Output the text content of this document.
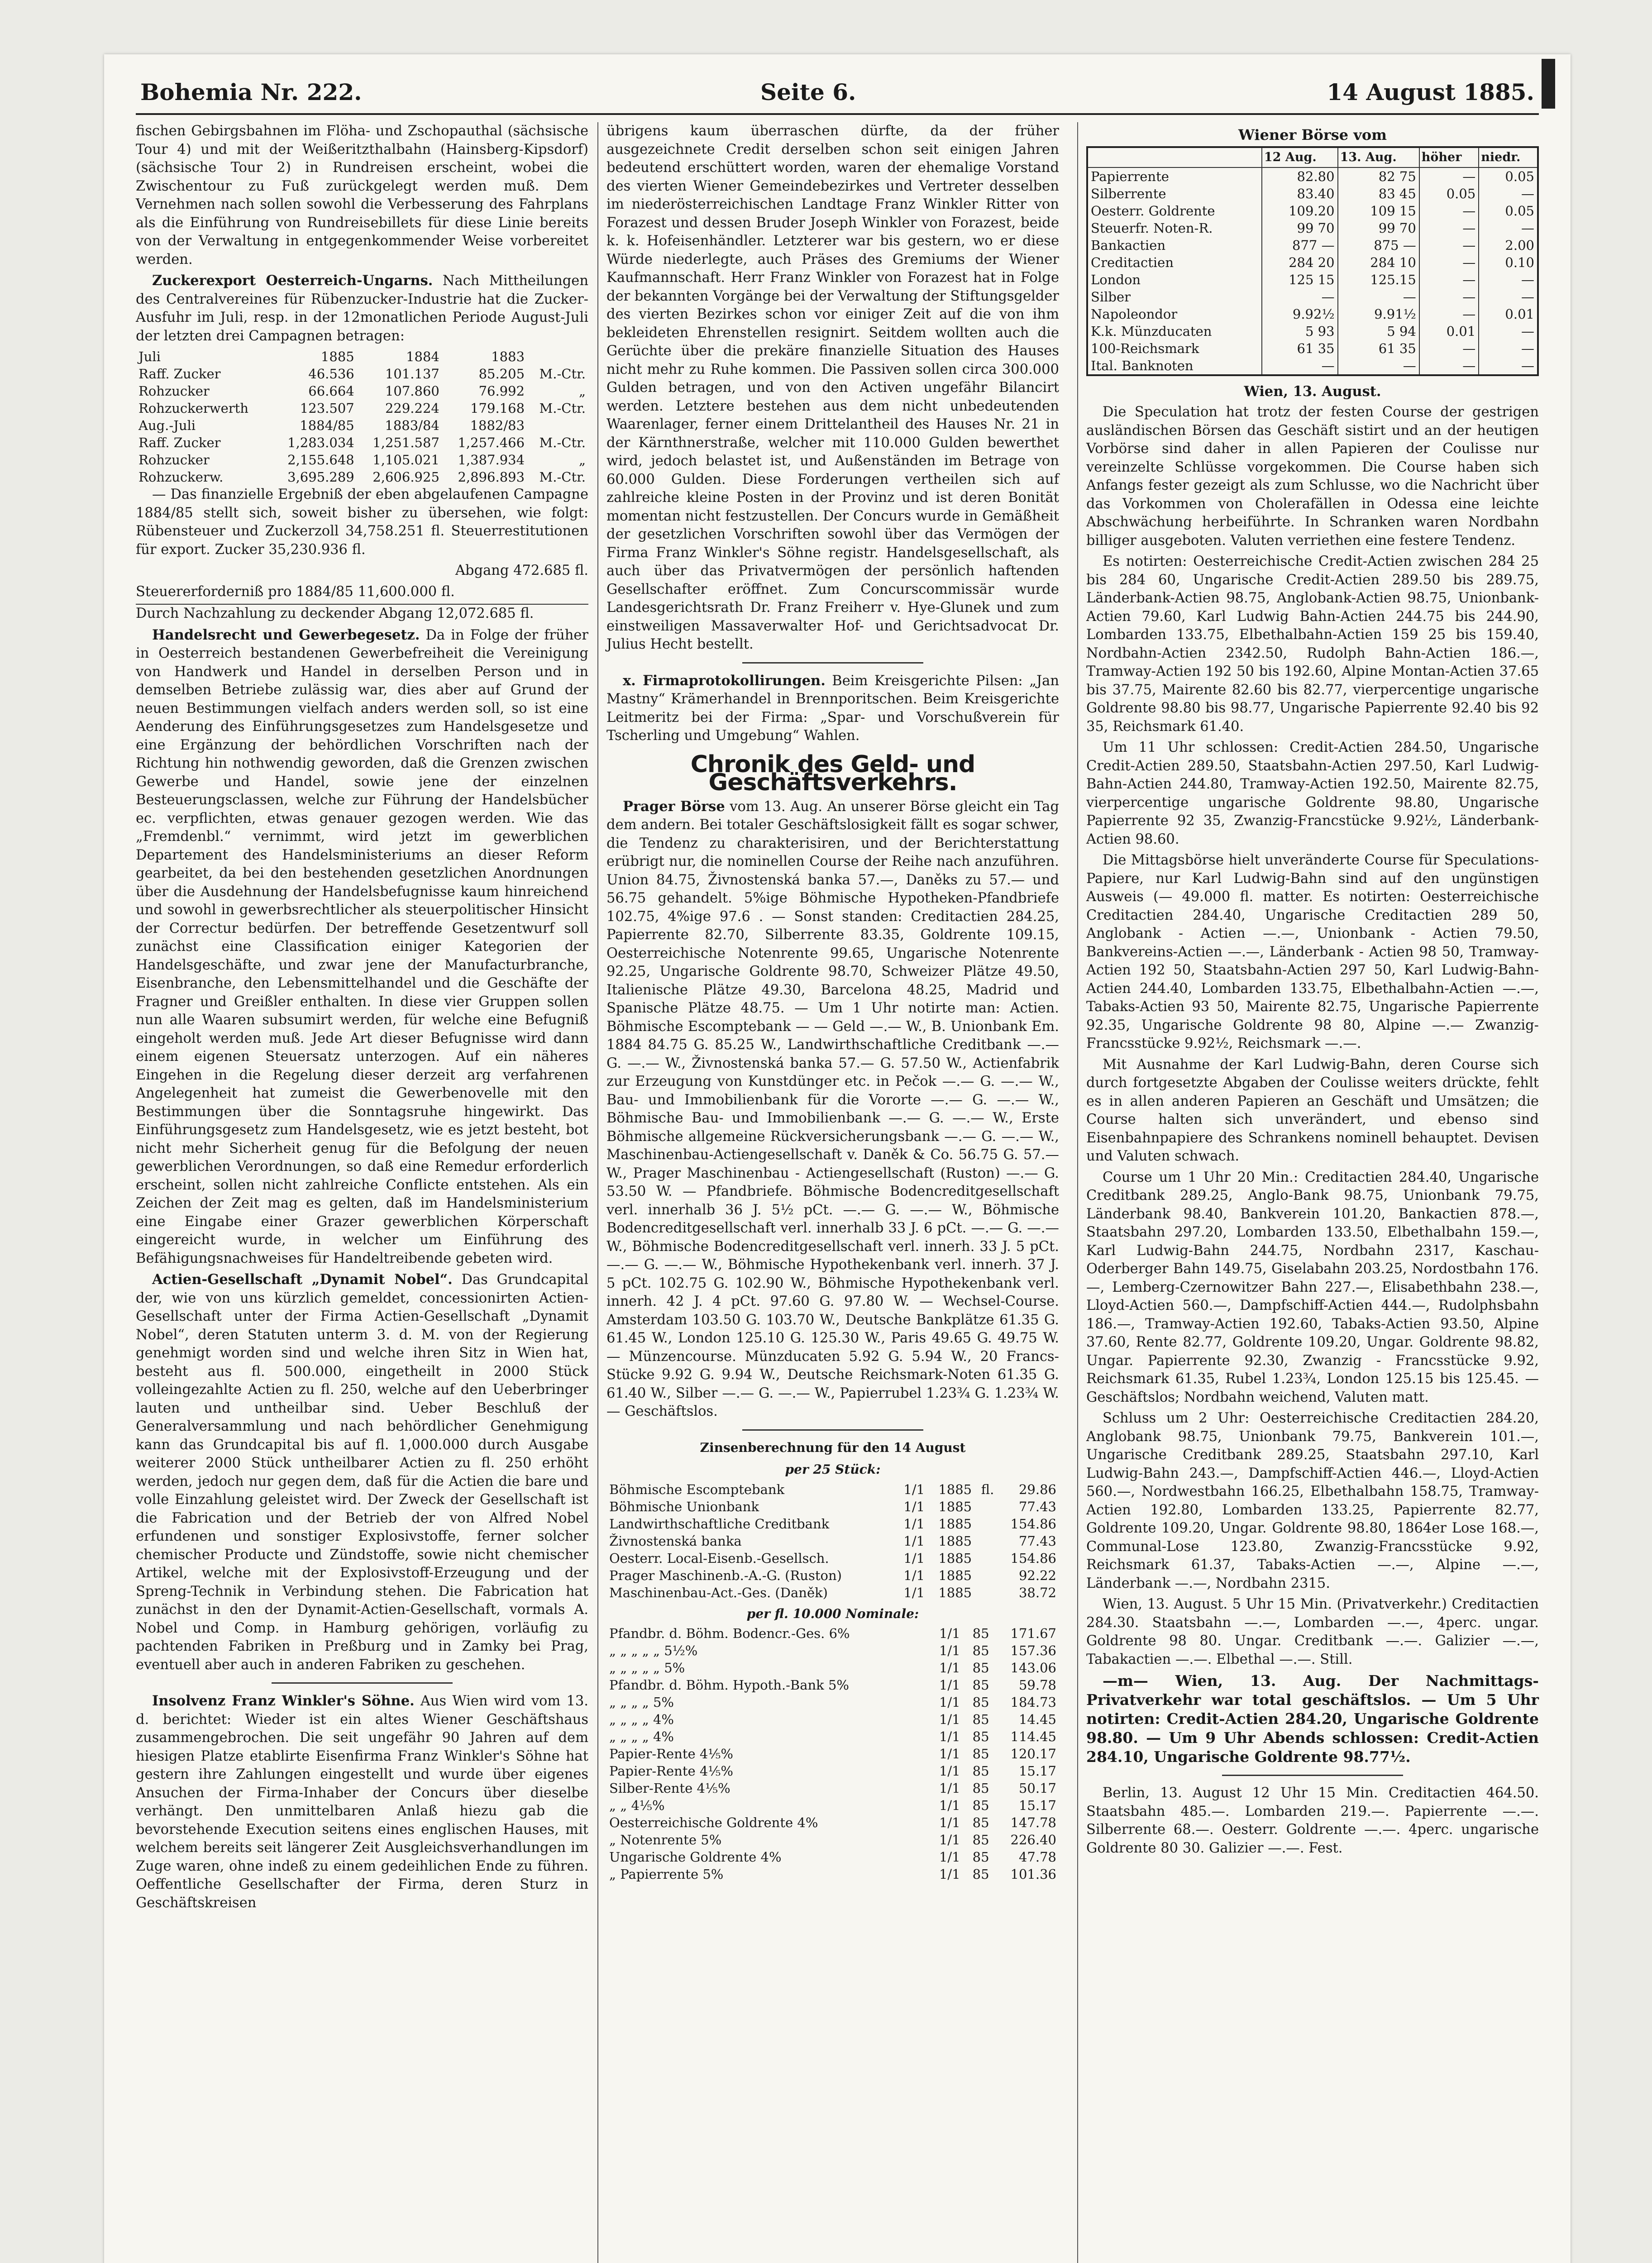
Bohemia Nr. 222.	Seite 6.	14 August 1885.

fischen Gebirgsbahnen im Flöha- und Zschopauthal (sächsische Tour 4) und mit der Weißeritzthalbahn (Hainsberg-Kipsdorf) (sächsische Tour 2) in Rundreisen erscheint, wobei die Zwischentour zu Fuß zurückgelegt werden muß. Dem Vernehmen nach sollen sowohl die Verbesserung des Fahrplans als die Einführung von Rundreisebillets für diese Linie bereits von der Verwaltung in entgegenkommender Weise vorbereitet werden.

Zuckerexport Oesterreich-Ungarns. Nach Mittheilungen des Centralvereines für Rübenzucker-Industrie hat die Zucker-Ausfuhr im Juli, resp. in der 12monatlichen Periode August-Juli der letzten drei Campagnen betragen:

Juli	1885	1884	1883	
Raff. Zucker	46.536	101.137	85.205	M.-Ctr.
Rohzucker	66.664	107.860	76.992	„
Rohzuckerwerth	123.507	229.224	179.168	M.-Ctr.
Aug.-Juli	1884/85	1883/84	1882/83	
Raff. Zucker	1,283.034	1,251.587	1,257.466	M.-Ctr.
Rohzucker	2,155.648	1,105.021	1,387.934	„
Rohzuckerw.	3,695.289	2,606.925	2,896.893	M.-Ctr.

— Das finanzielle Ergebniß der eben abgelaufenen Campagne 1884/85 stellt sich, soweit bisher zu übersehen, wie folgt: Rübensteuer und Zuckerzoll 34,758.251 fl. Steuerrestitutionen für export. Zucker 35,230.936 fl.

Abgang 472.685 fl.

Steuererforderniß pro 1884/85 11,600.000 fl.

Durch Nachzahlung zu deckender Abgang 12,072.685 fl.

Handelsrecht und Gewerbegesetz. Da in Folge der früher in Oesterreich bestandenen Gewerbefreiheit die Vereinigung von Handwerk und Handel in derselben Person und in demselben Betriebe zulässig war, dies aber auf Grund der neuen Bestimmungen vielfach anders werden soll, so ist eine Aenderung des Einführungsgesetzes zum Handelsgesetze und eine Ergänzung der behördlichen Vorschriften nach der Richtung hin nothwendig geworden, daß die Grenzen zwischen Gewerbe und Handel, sowie jene der einzelnen Besteuerungsclassen, welche zur Führung der Handelsbücher ec. verpflichten, etwas genauer gezogen werden. Wie das „Fremdenbl.“ vernimmt, wird jetzt im gewerblichen Departement des Handelsministeriums an dieser Reform gearbeitet, da bei den bestehenden gesetzlichen Anordnungen über die Ausdehnung der Handelsbefugnisse kaum hinreichend und sowohl in gewerbsrechtlicher als steuerpolitischer Hinsicht der Correctur bedürfen. Der betreffende Gesetzentwurf soll zunächst eine Classification einiger Kategorien der Handelsgeschäfte, und zwar jene der Manufacturbranche, Eisenbranche, den Lebensmittelhandel und die Geschäfte der Fragner und Greißler enthalten. In diese vier Gruppen sollen nun alle Waaren subsumirt werden, für welche eine Befugniß eingeholt werden muß. Jede Art dieser Befugnisse wird dann einem eigenen Steuersatz unterzogen. Auf ein näheres Eingehen in die Regelung dieser derzeit arg verfahrenen Angelegenheit hat zumeist die Gewerbenovelle mit den Bestimmungen über die Sonntagsruhe hingewirkt. Das Einführungsgesetz zum Handelsgesetz, wie es jetzt besteht, bot nicht mehr Sicherheit genug für die Befolgung der neuen gewerblichen Verordnungen, so daß eine Remedur erforderlich erscheint, sollen nicht zahlreiche Conflicte entstehen. Als ein Zeichen der Zeit mag es gelten, daß im Handelsministerium eine Eingabe einer Grazer gewerblichen Körperschaft eingereicht wurde, in welcher um Einführung des Befähigungsnachweises für Handeltreibende gebeten wird.

Actien-Gesellschaft „Dynamit Nobel“. Das Grundcapital der, wie von uns kürzlich gemeldet, concessionirten Actien-Gesellschaft unter der Firma Actien-Gesellschaft „Dynamit Nobel“, deren Statuten unterm 3. d. M. von der Regierung genehmigt worden sind und welche ihren Sitz in Wien hat, besteht aus fl. 500.000, eingetheilt in 2000 Stück volleingezahlte Actien zu fl. 250, welche auf den Ueberbringer lauten und untheilbar sind. Ueber Beschluß der Generalversammlung und nach behördlicher Genehmigung kann das Grundcapital bis auf fl. 1,000.000 durch Ausgabe weiterer 2000 Stück untheilbarer Actien zu fl. 250 erhöht werden, jedoch nur gegen dem, daß für die Actien die bare und volle Einzahlung geleistet wird. Der Zweck der Gesellschaft ist die Fabrication und der Betrieb der von Alfred Nobel erfundenen und sonstiger Explosivstoffe, ferner solcher chemischer Producte und Zündstoffe, sowie nicht chemischer Artikel, welche mit der Explosivstoff-Erzeugung und der Spreng-Technik in Verbindung stehen. Die Fabrication hat zunächst in den der Dynamit-Actien-Gesellschaft, vormals A. Nobel und Comp. in Hamburg gehörigen, vorläufig zu pachtenden Fabriken in Preßburg und in Zamky bei Prag, eventuell aber auch in anderen Fabriken zu geschehen.

Insolvenz Franz Winkler's Söhne. Aus Wien wird vom 13. d. berichtet: Wieder ist ein altes Wiener Geschäftshaus zusammengebrochen. Die seit ungefähr 90 Jahren auf dem hiesigen Platze etablirte Eisenfirma Franz Winkler's Söhne hat gestern ihre Zahlungen eingestellt und wurde über eigenes Ansuchen der Firma-Inhaber der Concurs über dieselbe verhängt. Den unmittelbaren Anlaß hiezu gab die bevorstehende Execution seitens eines englischen Hauses, mit welchem bereits seit längerer Zeit Ausgleichsverhandlungen im Zuge waren, ohne indeß zu einem gedeihlichen Ende zu führen. Oeffentliche Gesellschafter der Firma, deren Sturz in Geschäftskreisen

übrigens kaum überraschen dürfte, da der früher ausgezeichnete Credit derselben schon seit einigen Jahren bedeutend erschüttert worden, waren der ehemalige Vorstand des vierten Wiener Gemeindebezirkes und Vertreter desselben im niederösterreichischen Landtage Franz Winkler Ritter von Forazest und dessen Bruder Joseph Winkler von Forazest, beide k. k. Hofeisenhändler. Letzterer war bis gestern, wo er diese Würde niederlegte, auch Präses des Gremiums der Wiener Kaufmannschaft. Herr Franz Winkler von Forazest hat in Folge der bekannten Vorgänge bei der Verwaltung der Stiftungsgelder des vierten Bezirkes schon vor einiger Zeit auf die von ihm bekleideten Ehrenstellen resignirt. Seitdem wollten auch die Gerüchte über die prekäre finanzielle Situation des Hauses nicht mehr zu Ruhe kommen. Die Passiven sollen circa 300.000 Gulden betragen, und von den Activen ungefähr Bilancirt werden. Letztere bestehen aus dem nicht unbedeutenden Waarenlager, ferner einem Drittelantheil des Hauses Nr. 21 in der Kärnthnerstraße, welcher mit 110.000 Gulden bewerthet wird, jedoch belastet ist, und Außenständen im Betrage von 60.000 Gulden. Diese Forderungen vertheilen sich auf zahlreiche kleine Posten in der Provinz und ist deren Bonität momentan nicht festzustellen. Der Concurs wurde in Gemäßheit der gesetzlichen Vorschriften sowohl über das Vermögen der Firma Franz Winkler's Söhne registr. Handelsgesellschaft, als auch über das Privatvermögen der persönlich haftenden Gesellschafter eröffnet. Zum Concurscommissär wurde Landesgerichtsrath Dr. Franz Freiherr v. Hye-Glunek und zum einstweiligen Massaverwalter Hof- und Gerichtsadvocat Dr. Julius Hecht bestellt.

x. Firmaprotokollirungen. Beim Kreisgerichte Pilsen: „Jan Mastny“ Krämerhandel in Brennporitschen. Beim Kreisgerichte Leitmeritz bei der Firma: „Spar- und Vorschußverein für Tscherling und Umgebung“ Wahlen.

Chronik des Geld- und Geschäftsverkehrs.

Prager Börse vom 13. Aug. An unserer Börse gleicht ein Tag dem andern. Bei totaler Geschäftslosigkeit fällt es sogar schwer, die Tendenz zu charakterisiren, und der Berichterstattung erübrigt nur, die nominellen Course der Reihe nach anzuführen. Union 84.75, Živnostenská banka 57.—, Daněks zu 57.— und 56.75 gehandelt. 5%ige Böhmische Hypotheken-Pfandbriefe 102.75, 4%ige 97.6 . — Sonst standen: Creditactien 284.25, Papierrente 82.70, Silberrente 83.35, Goldrente 109.15, Oesterreichische Notenrente 99.65, Ungarische Notenrente 92.25, Ungarische Goldrente 98.70, Schweizer Plätze 49.50, Italienische Plätze 49.30, Barcelona 48.25, Madrid und Spanische Plätze 48.75. — Um 1 Uhr notirte man: Actien. Böhmische Escomptebank — — Geld —.— W., B. Unionbank Em. 1884 84.75 G. 85.25 W., Landwirthschaftliche Creditbank —.— G. —.— W., Živnostenská banka 57.— G. 57.50 W., Actienfabrik zur Erzeugung von Kunstdünger etc. in Pečok —.— G. —.— W., Bau- und Immobilienbank für die Vororte —.— G. —.— W., Böhmische Bau- und Immobilienbank —.— G. —.— W., Erste Böhmische allgemeine Rückversicherungsbank —.— G. —.— W., Maschinenbau-Actiengesellschaft v. Daněk & Co. 56.75 G. 57.— W., Prager Maschinenbau - Actiengesellschaft (Ruston) —.— G. 53.50 W. — Pfandbriefe. Böhmische Bodencreditgesellschaft verl. innerhalb 36 J. 5½ pCt. —.— G. —.— W., Böhmische Bodencreditgesellschaft verl. innerhalb 33 J. 6 pCt. —.— G. —.— W., Böhmische Bodencreditgesellschaft verl. innerh. 33 J. 5 pCt. —.— G. —.— W., Böhmische Hypothekenbank verl. innerh. 37 J. 5 pCt. 102.75 G. 102.90 W., Böhmische Hypothekenbank verl. innerh. 42 J. 4 pCt. 97.60 G. 97.80 W. — Wechsel-Course. Amsterdam 103.50 G. 103.70 W., Deutsche Bankplätze 61.35 G. 61.45 W., London 125.10 G. 125.30 W., Paris 49.65 G. 49.75 W. — Münzencourse. Münzducaten 5.92 G. 5.94 W., 20 Francs-Stücke 9.92 G. 9.94 W., Deutsche Reichsmark-Noten 61.35 G. 61.40 W., Silber —.— G. —.— W., Papierrubel 1.23¾ G. 1.23¾ W. — Geschäftslos.

Zinsenberechnung für den 14 August
per 25 Stück:
Böhmische Escomptebank	1/1	1885	fl.	29.86
Böhmische Unionbank	1/1	1885		77.43
Landwirthschaftliche Creditbank	1/1	1885		154.86
Živnostenská banka	1/1	1885		77.43
Oesterr. Local-Eisenb.-Gesellsch.	1/1	1885		154.86
Prager Maschinenb.-A.-G. (Ruston)	1/1	1885		92.22
Maschinenbau-Act.-Ges. (Daněk)	1/1	1885		38.72
per fl. 10.000 Nominale:
Pfandbr. d. Böhm. Bodencr.-Ges. 6%	1/1	85	171.67
„ „ „ „ „ 5½%	1/1	85	157.36
„ „ „ „ „ 5%	1/1	85	143.06
Pfandbr. d. Böhm. Hypoth.-Bank 5%	1/1	85	59.78
„ „ „ „ 5%	1/1	85	184.73
„ „ „ „ 4%	1/1	85	14.45
„ „ „ „ 4%	1/1	85	114.45
Papier-Rente 4⅕%	1/1	85	120.17
Papier-Rente 4⅕%	1/1	85	15.17
Silber-Rente 4⅕%	1/1	85	50.17
„ „ 4⅕%	1/1	85	15.17
Oesterreichische Goldrente 4%	1/1	85	147.78
„ Notenrente 5%	1/1	85	226.40
Ungarische Goldrente 4%	1/1	85	47.78
„ Papierrente 5%	1/1	85	101.36
Wiener Börse vom
	12 Aug.	13. Aug.	höher	niedr.
Papierrente	82.80	82 75	—	0.05
Silberrente	83.40	83 45	0.05	—
Oesterr. Goldrente	109.20	109 15	—	0.05
Steuerfr. Noten-R.	99 70	99 70	—	—
Bankactien	877 —	875 —	—	2.00
Creditactien	284 20	284 10	—	0.10
London	125 15	125.15	—	—
Silber	—	—	—	—
Napoleondor	9.92½	9.91½	—	0.01
K.k. Münzducaten	5 93	5 94	0.01	—
100-Reichsmark	61 35	61 35	—	—
Ital. Banknoten	—	—	—	—

Wien, 13. August.

Die Speculation hat trotz der festen Course der gestrigen ausländischen Börsen das Geschäft sistirt und an der heutigen Vorbörse sind daher in allen Papieren der Coulisse nur vereinzelte Schlüsse vorgekommen. Die Course haben sich Anfangs fester gezeigt als zum Schlusse, wo die Nachricht über das Vorkommen von Cholerafällen in Odessa eine leichte Abschwächung herbeiführte. In Schranken waren Nordbahn billiger ausgeboten. Valuten verriethen eine festere Tendenz.

Es notirten: Oesterreichische Credit-Actien zwischen 284 25 bis 284 60, Ungarische Credit-Actien 289.50 bis 289.75, Länderbank-Actien 98.75, Anglobank-Actien 98.75, Unionbank-Actien 79.60, Karl Ludwig Bahn-Actien 244.75 bis 244.90, Lombarden 133.75, Elbethalbahn-Actien 159 25 bis 159.40, Nordbahn-Actien 2342.50, Rudolph Bahn-Actien 186.—, Tramway-Actien 192 50 bis 192.60, Alpine Montan-Actien 37.65 bis 37.75, Mairente 82.60 bis 82.77, vierpercentige ungarische Goldrente 98.80 bis 98.77, Ungarische Papierrente 92.40 bis 92 35, Reichsmark 61.40.

Um 11 Uhr schlossen: Credit-Actien 284.50, Ungarische Credit-Actien 289.50, Staatsbahn-Actien 297.50, Karl Ludwig-Bahn-Actien 244.80, Tramway-Actien 192.50, Mairente 82.75, vierpercentige ungarische Goldrente 98.80, Ungarische Papierrente 92 35, Zwanzig-Francstücke 9.92½, Länderbank-Actien 98.60.

Die Mittagsbörse hielt unveränderte Course für Speculations-Papiere, nur Karl Ludwig-Bahn sind auf den ungünstigen Ausweis (— 49.000 fl. matter. Es notirten: Oesterreichische Creditactien 284.40, Ungarische Creditactien 289 50, Anglobank - Actien —.—, Unionbank - Actien 79.50, Bankvereins-Actien —.—, Länderbank - Actien 98 50, Tramway-Actien 192 50, Staatsbahn-Actien 297 50, Karl Ludwig-Bahn-Actien 244.40, Lombarden 133.75, Elbethalbahn-Actien —.—, Tabaks-Actien 93 50, Mairente 82.75, Ungarische Papierrente 92.35, Ungarische Goldrente 98 80, Alpine —.— Zwanzig-Francsstücke 9.92½, Reichsmark —.—.

Mit Ausnahme der Karl Ludwig-Bahn, deren Course sich durch fortgesetzte Abgaben der Coulisse weiters drückte, fehlt es in allen anderen Papieren an Geschäft und Umsätzen; die Course halten sich unverändert, und ebenso sind Eisenbahnpapiere des Schrankens nominell behauptet. Devisen und Valuten schwach.

Course um 1 Uhr 20 Min.: Creditactien 284.40, Ungarische Creditbank 289.25, Anglo-Bank 98.75, Unionbank 79.75, Länderbank 98.40, Bankverein 101.20, Bankactien 878.—, Staatsbahn 297.20, Lombarden 133.50, Elbethalbahn 159.—, Karl Ludwig-Bahn 244.75, Nordbahn 2317, Kaschau-Oderberger Bahn 149.75, Giselabahn 203.25, Nordostbahn 176.—, Lemberg-Czernowitzer Bahn 227.—, Elisabethbahn 238.—, Lloyd-Actien 560.—, Dampfschiff-Actien 444.—, Rudolphsbahn 186.—, Tramway-Actien 192.60, Tabaks-Actien 93.50, Alpine 37.60, Rente 82.77, Goldrente 109.20, Ungar. Goldrente 98.82, Ungar. Papierrente 92.30, Zwanzig - Francsstücke 9.92, Reichsmark 61.35, Rubel 1.23¾, London 125.15 bis 125.45. — Geschäftslos; Nordbahn weichend, Valuten matt.

Schluss um 2 Uhr: Oesterreichische Creditactien 284.20, Anglobank 98.75, Unionbank 79.75, Bankverein 101.—, Ungarische Creditbank 289.25, Staatsbahn 297.10, Karl Ludwig-Bahn 243.—, Dampfschiff-Actien 446.—, Lloyd-Actien 560.—, Nordwestbahn 166.25, Elbethalbahn 158.75, Tramway-Actien 192.80, Lombarden 133.25, Papierrente 82.77, Goldrente 109.20, Ungar. Goldrente 98.80, 1864er Lose 168.—, Communal-Lose 123.80, Zwanzig-Francsstücke 9.92, Reichsmark 61.37, Tabaks-Actien —.—, Alpine —.—, Länderbank —.—, Nordbahn 2315.

Wien, 13. August. 5 Uhr 15 Min. (Privatverkehr.) Creditactien 284.30. Staatsbahn —.—, Lombarden —.—, 4perc. ungar. Goldrente 98 80. Ungar. Creditbank —.—. Galizier —.—, Tabakactien —.—. Elbethal —.—. Still.

—m— Wien, 13. Aug. Der Nachmittags-Privatverkehr war total geschäftslos. — Um 5 Uhr notirten: Credit-Actien 284.20, Ungarische Goldrente 98.80. — Um 9 Uhr Abends schlossen: Credit-Actien 284.10, Ungarische Goldrente 98.77½.

Berlin, 13. August 12 Uhr 15 Min. Creditactien 464.50. Staatsbahn 485.—. Lombarden 219.—. Papierrente —.—. Silberrente 68.—. Oesterr. Goldrente —.—. 4perc. ungarische Goldrente 80 30. Galizier —.—. Fest.
